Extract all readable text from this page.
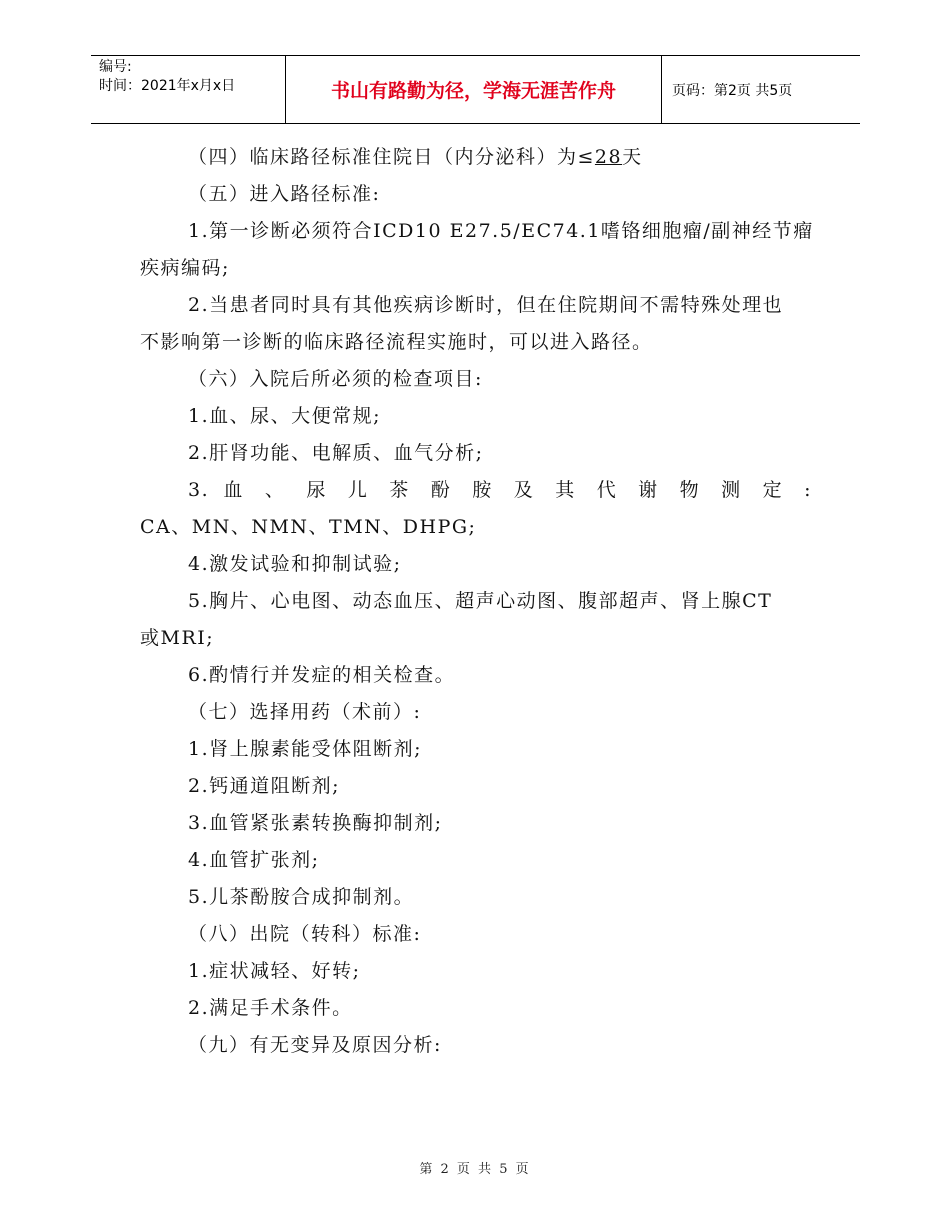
编号:
时间：2021年x月x日	书山有路勤为径，学海无涯苦作舟	页码：第2页 共5页

（四）临床路径标准住院日（内分泌科）为≤28天

（五）进入路径标准:

1.第一诊断必须符合ICD10 E27.5/EC74.1嗜铬细胞瘤/副神经节瘤

疾病编码;

2.当患者同时具有其他疾病诊断时，但在住院期间不需特殊处理也

不影响第一诊断的临床路径流程实施时，可以进入路径。

（六）入院后所必须的检查项目:

1.血、尿、大便常规;

2.肝肾功能、电解质、血气分析;

3. 血 、 尿 儿 茶 酚 胺 及 其 代 谢 物 测 定 :

CA、MN、NMN、TMN、DHPG;

4.激发试验和抑制试验;

5.胸片、心电图、动态血压、超声心动图、腹部超声、肾上腺CT

或MRI;

6.酌情行并发症的相关检查。

（七）选择用药（术前）:

1.肾上腺素能受体阻断剂;

2.钙通道阻断剂;

3.血管紧张素转换酶抑制剂;

4.血管扩张剂;

5.儿茶酚胺合成抑制剂。

（八）出院（转科）标准:

1.症状减轻、好转;

2.满足手术条件。

（九）有无变异及原因分析:

第 2 页 共 5 页
